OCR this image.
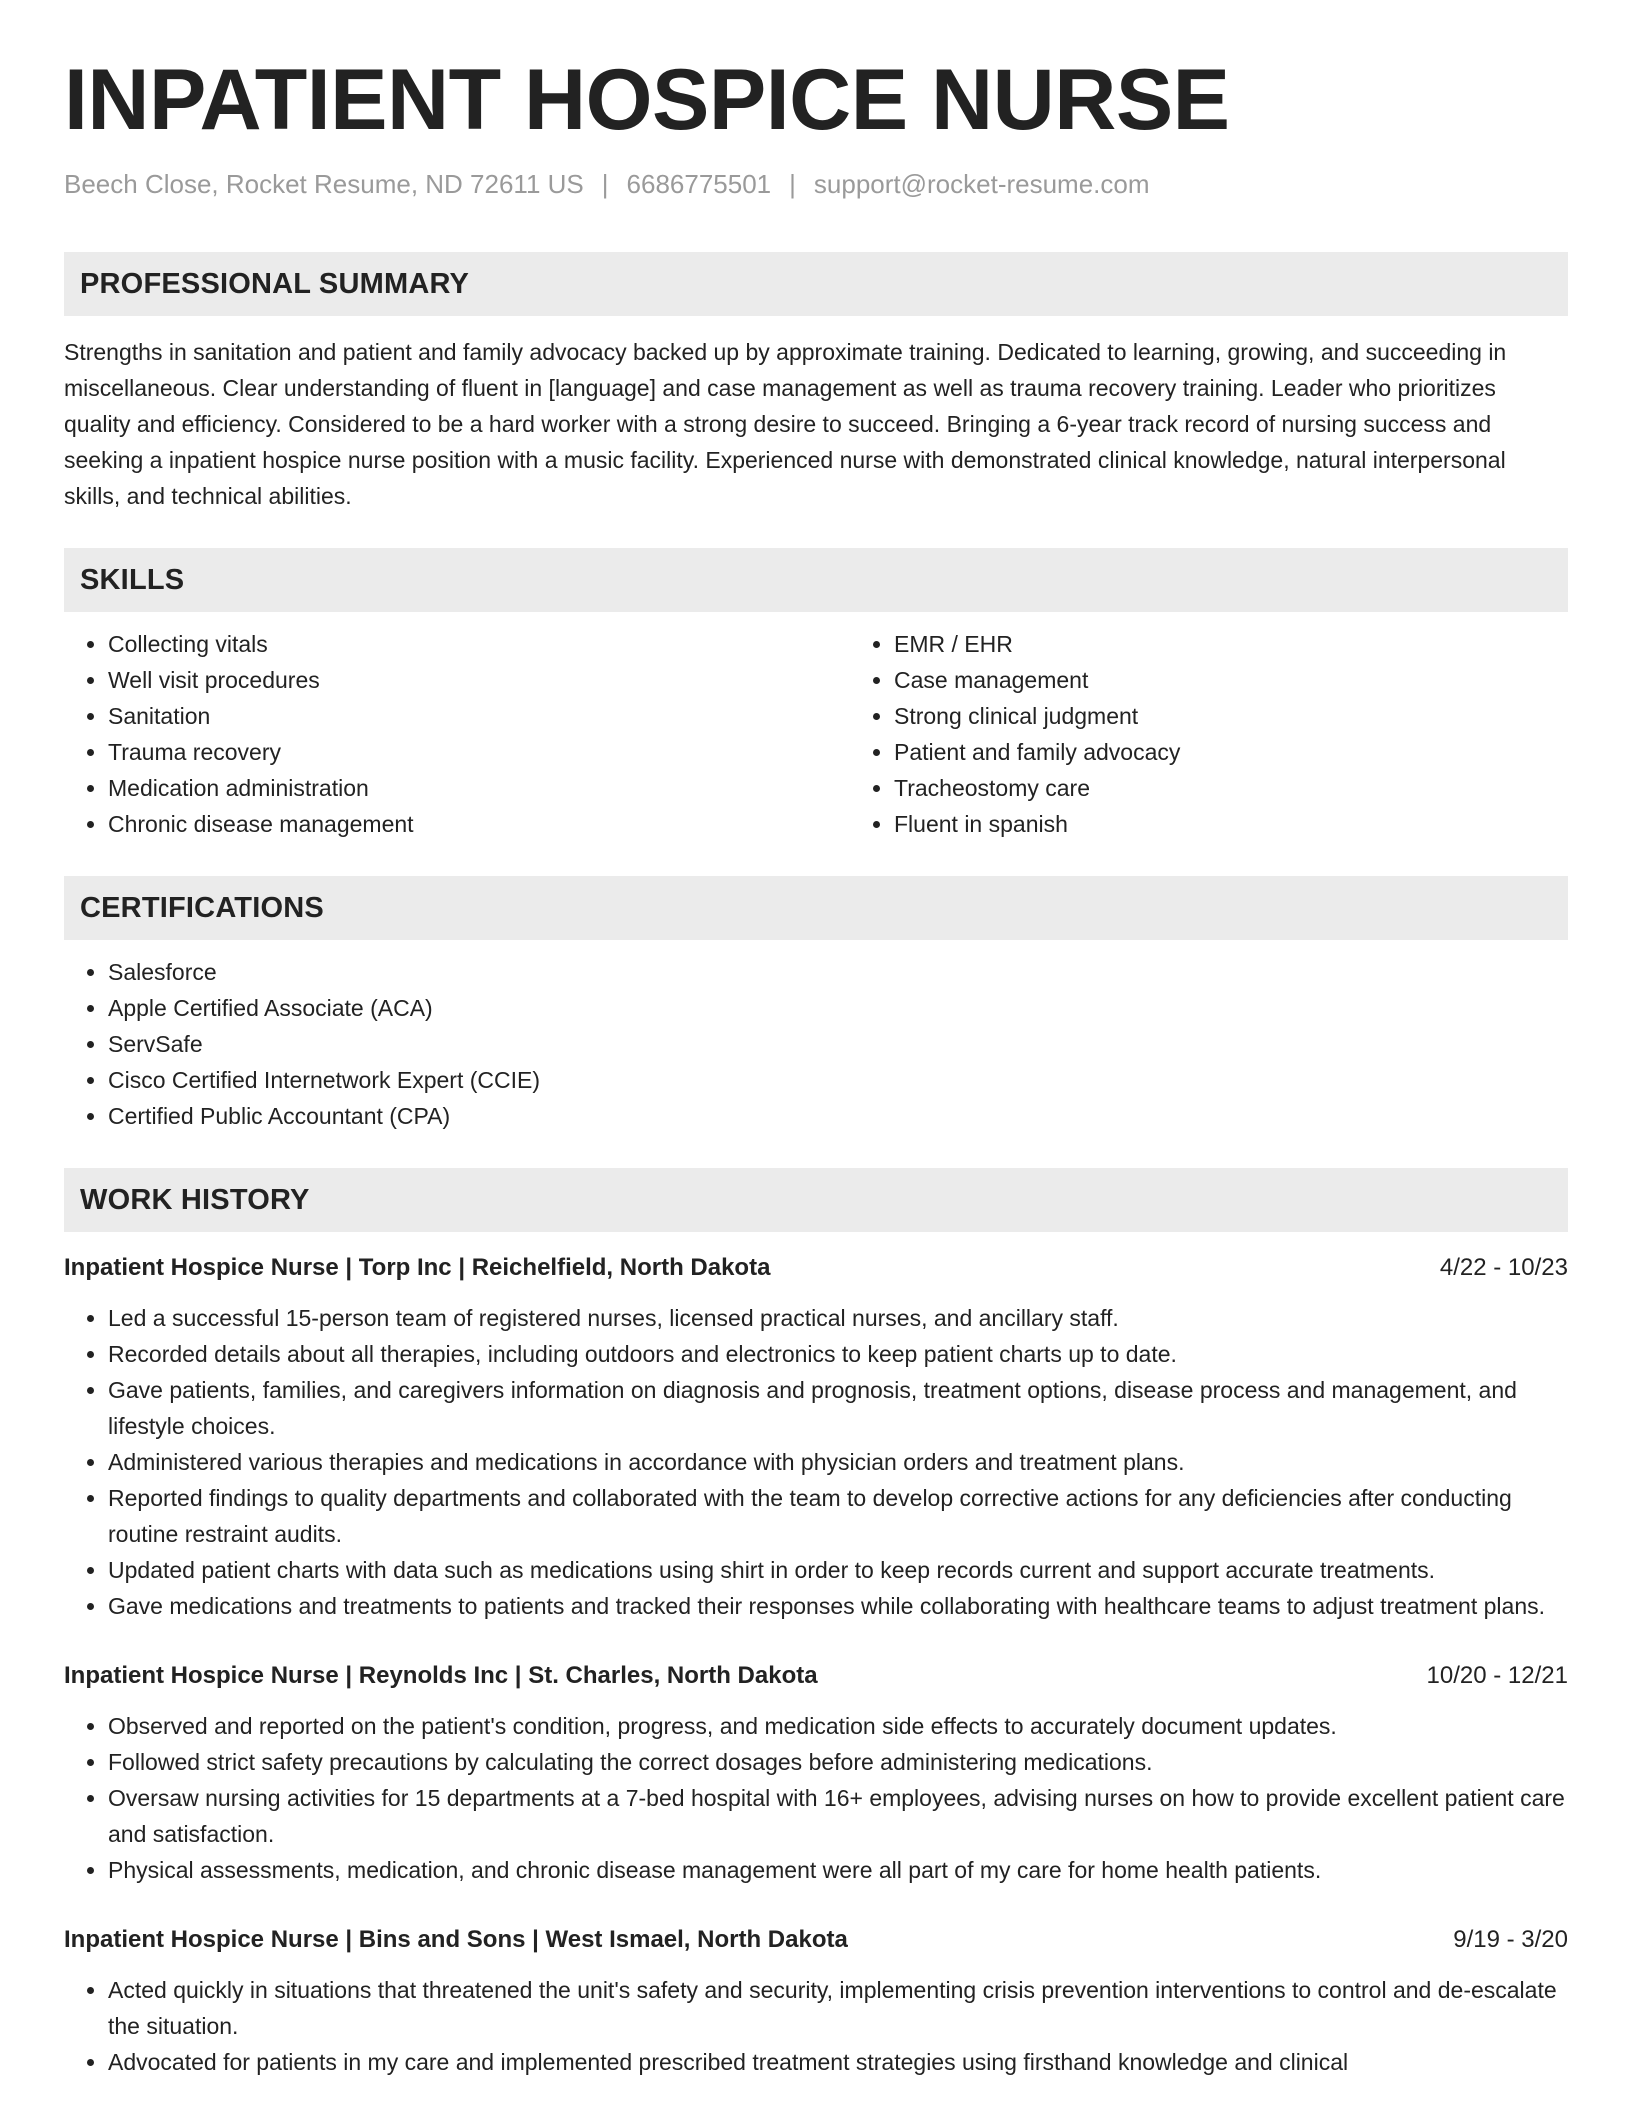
INPATIENT HOSPICE NURSE
Beech Close, Rocket Resume, ND 72611 US | 6686775501 | support@rocket-resume.com
PROFESSIONAL SUMMARY
Strengths in sanitation and patient and family advocacy backed up by approximate training. Dedicated to learning, growing, and succeeding in miscellaneous. Clear understanding of fluent in [language] and case management as well as trauma recovery training. Leader who prioritizes quality and efficiency. Considered to be a hard worker with a strong desire to succeed. Bringing a 6-year track record of nursing success and seeking a inpatient hospice nurse position with a music facility. Experienced nurse with demonstrated clinical knowledge, natural interpersonal skills, and technical abilities.
SKILLS
• Collecting vitals
• Well visit procedures
• Sanitation
• Trauma recovery
• Medication administration
• Chronic disease management
• EMR / EHR
• Case management
• Strong clinical judgment
• Patient and family advocacy
• Tracheostomy care
• Fluent in spanish
CERTIFICATIONS
• Salesforce
• Apple Certified Associate (ACA)
• ServSafe
• Cisco Certified Internetwork Expert (CCIE)
• Certified Public Accountant (CPA)
WORK HISTORY
Inpatient Hospice Nurse | Torp Inc | Reichelfield, North Dakota	4/22 - 10/23
• Led a successful 15-person team of registered nurses, licensed practical nurses, and ancillary staff.
• Recorded details about all therapies, including outdoors and electronics to keep patient charts up to date.
• Gave patients, families, and caregivers information on diagnosis and prognosis, treatment options, disease process and management, and lifestyle choices.
• Administered various therapies and medications in accordance with physician orders and treatment plans.
• Reported findings to quality departments and collaborated with the team to develop corrective actions for any deficiencies after conducting routine restraint audits.
• Updated patient charts with data such as medications using shirt in order to keep records current and support accurate treatments.
• Gave medications and treatments to patients and tracked their responses while collaborating with healthcare teams to adjust treatment plans.
Inpatient Hospice Nurse | Reynolds Inc | St. Charles, North Dakota	10/20 - 12/21
• Observed and reported on the patient's condition, progress, and medication side effects to accurately document updates.
• Followed strict safety precautions by calculating the correct dosages before administering medications.
• Oversaw nursing activities for 15 departments at a 7-bed hospital with 16+ employees, advising nurses on how to provide excellent patient care and satisfaction.
• Physical assessments, medication, and chronic disease management were all part of my care for home health patients.
Inpatient Hospice Nurse | Bins and Sons | West Ismael, North Dakota	9/19 - 3/20
• Acted quickly in situations that threatened the unit's safety and security, implementing crisis prevention interventions to control and de-escalate the situation.
• Advocated for patients in my care and implemented prescribed treatment strategies using firsthand knowledge and clinical
